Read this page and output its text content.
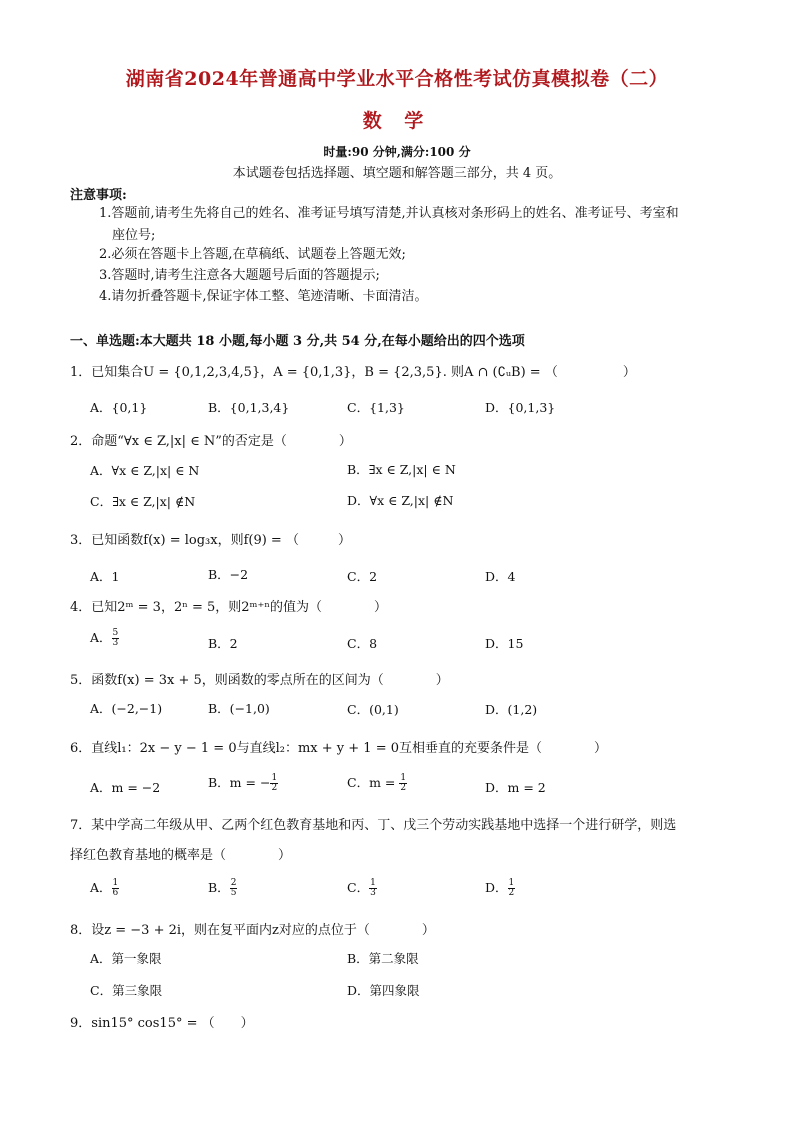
湖南省2024年普通高中学业水平合格性考试仿真模拟卷（二）
数 学
时量:90 分钟,满分:100 分
本试题卷包括选择题、填空题和解答题三部分，共 4 页。
注意事项:
1.答题前,请考生先将自己的姓名、准考证号填写清楚,并认真核对条形码上的姓名、准考证号、考室和
座位号;
2.必须在答题卡上答题,在草稿纸、试题卷上答题无效;
3.答题时,请考生注意各大题题号后面的答题提示;
4.请勿折叠答题卡,保证字体工整、笔迹清晰、卡面清洁。
一、单选题:本大题共 18 小题,每小题 3 分,共 54 分,在每小题给出的四个选项
1．已知集合U = {0,1,2,3,4,5}，A = {0,1,3}，B = {2,3,5}. 则A ∩ (∁ᵤB) = （　　　　　）
A．{0,1}	B．{0,1,3,4}	C．{1,3}	D．{0,1,3}
2．命题“∀x ∈ Z,|x| ∈ N”的否定是（　　　　）
A．∀x ∈ Z,|x| ∈ N	B．∃x ∈ Z,|x| ∈ N
C．∃x ∈ Z,|x| ∉N	D．∀x ∈ Z,|x| ∉N
3．已知函数f(x) = log₃x，则f(9) = （　　　）
A．1	B．−2	C．2	D．4
4．已知2ᵐ = 3，2ⁿ = 5，则2ᵐ⁺ⁿ的值为（　　　　）
A． $\frac{5}{3}$	B．2	C．8	D．15
5．函数f(x) = 3x + 5，则函数的零点所在的区间为（　　　　）
A．(−2,−1)	B．(−1,0)	C．(0,1)	D．(1,2)
6．直线l₁：2x − y − 1 = 0与直线l₂：mx + y + 1 = 0互相垂直的充要条件是（　　　　）
A．m = −2	B．m = − $\frac{1}{2}$	C．$m = \frac{1}{2}$	D．m = 2
7．某中学高二年级从甲、乙两个红色教育基地和丙、丁、戊三个劳动实践基地中选择一个进行研学，则选
择红色教育基地的概率是（　　　　）
A． $\frac{1}{6}$	B． $\frac{2}{5}$	C． $\frac{1}{3}$	D． $\frac{1}{2}$
8．设z = −3 + 2i，则在复平面内z对应的点位于（　　　　）
A．第一象限	B．第二象限
C．第三象限	D．第四象限
9．sin15° cos15° = （　　）
